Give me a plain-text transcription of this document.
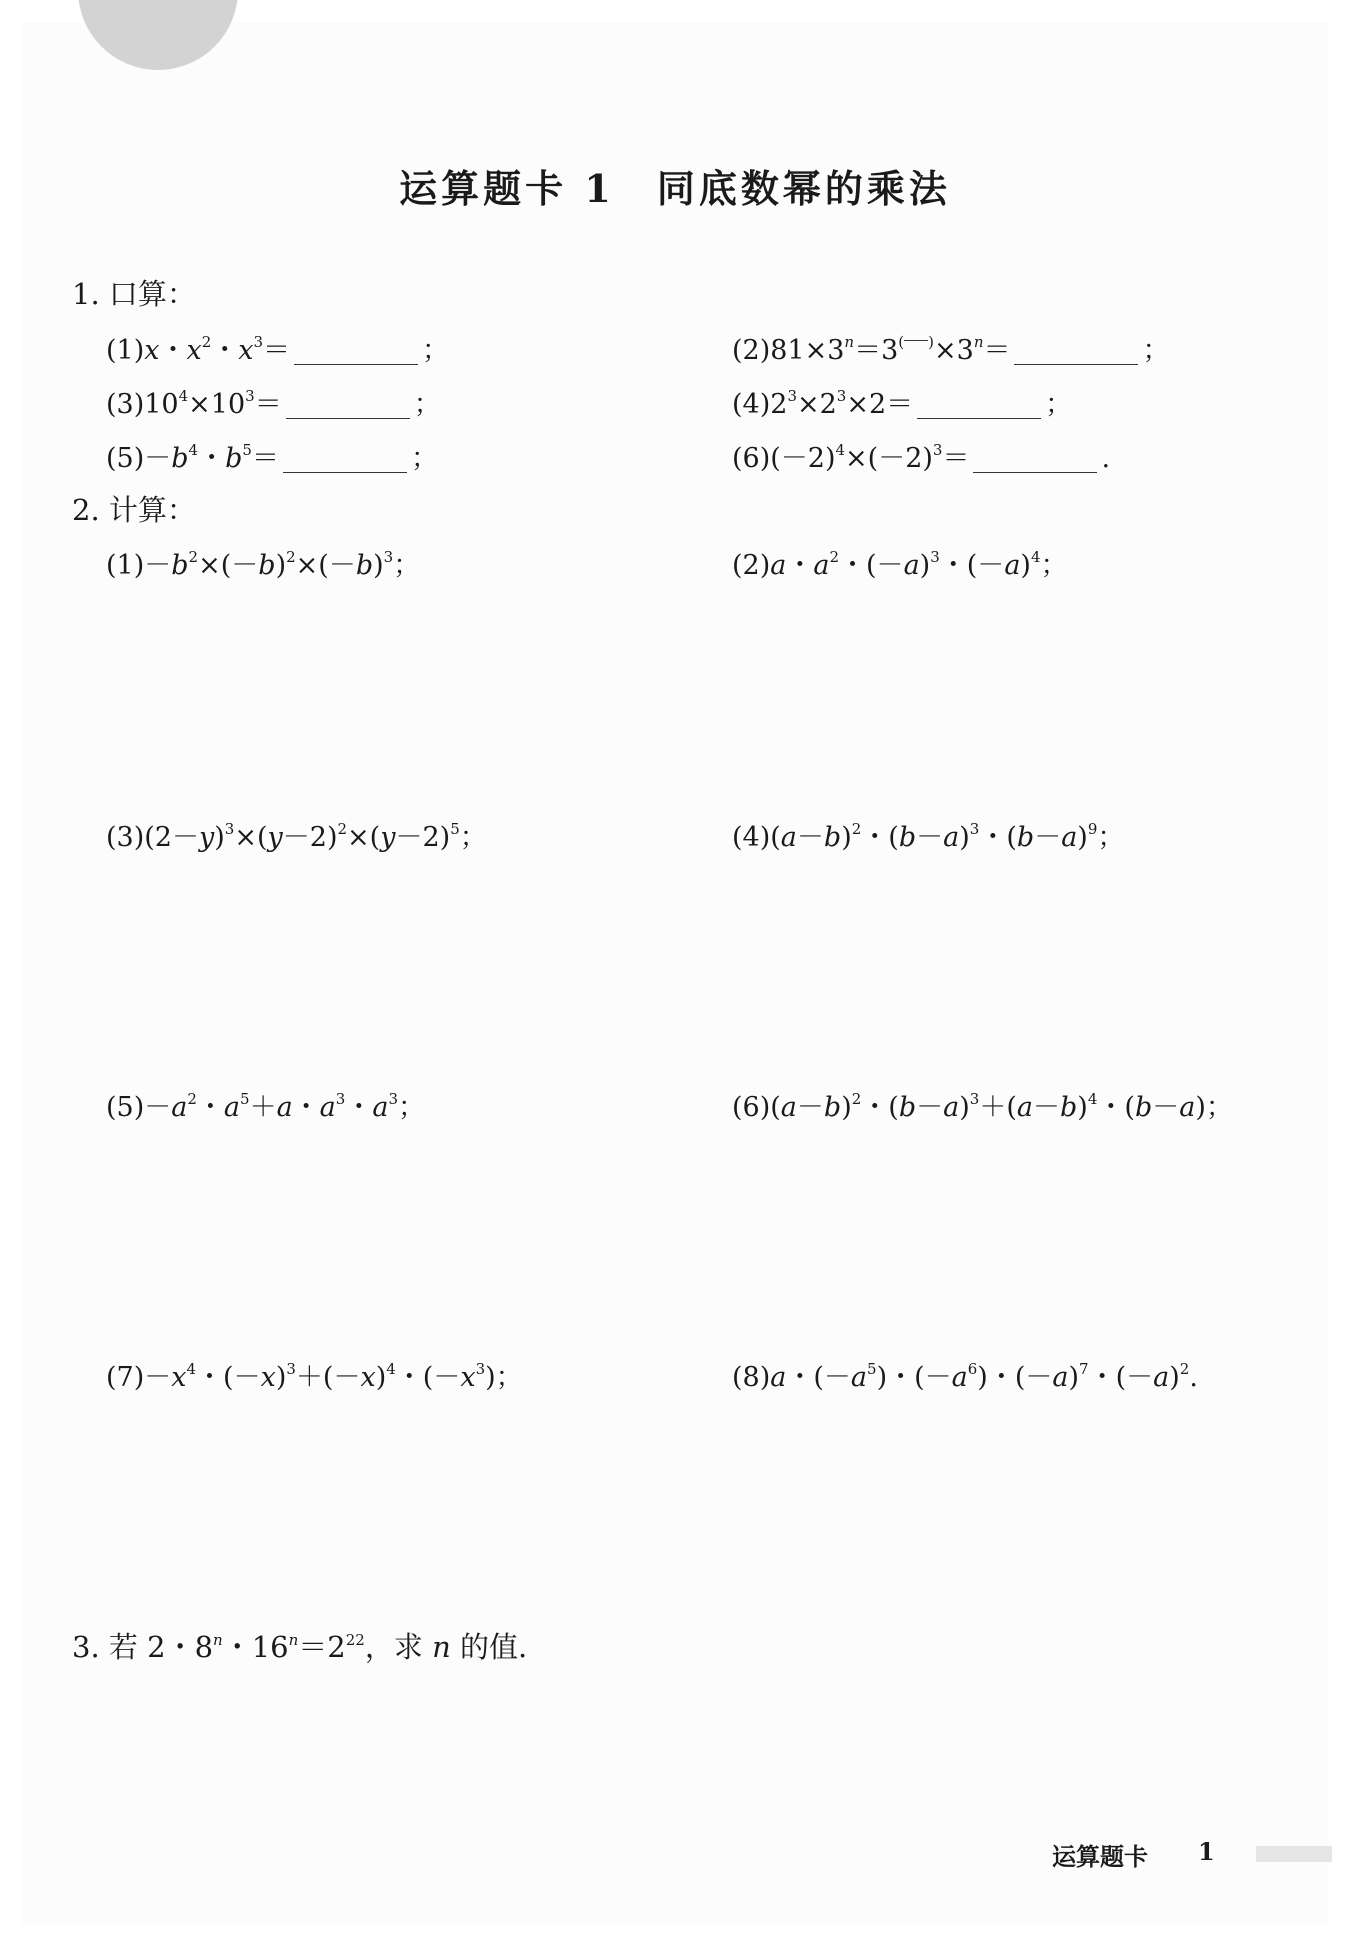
运算题卡 1　同底数幂的乘法
1. 口算：
(1)x・$x^2$・$x^3=$	；	$(2)81\times 3^n=3^{( )}\times 3^n=$	；
$(3)10^4\times 10^3=$	；	$(4)2^3\times 2^3\times 2=$	；
$(5)-b^4$・$b^5=$	；	$(6)(-2)^4\times(-2)^3=$	.
2. 计算：
$(1)-b^2\times(-b)^2\times(-b)^3$；	(2)a・$a^2$・$(-a)^3$・$(-a)^4$；
$(3)(2-y)^3\times(y-2)^2\times(y-2)^5$；	$(4)(a-b)^2$・$(b-a)^3$・$(b-a)^9$；
$(5)-a^2$・$a^5+a$・$a^3$・$a^3$；	$(6)(a-b)^2$・$(b-a)^3+(a-b)^4$・(b－a)；
$(7)-x^4$・$(-x)^3+(-x)^4$・$(-x^3)$；	(8)a・$(-a^5)$・$(-a^6)$・$(-a)^7$・$(-a)^2$.
3. 若 2・8$^n$・$16^n=2^{22}$，求 n 的值.
运算题卡 1
